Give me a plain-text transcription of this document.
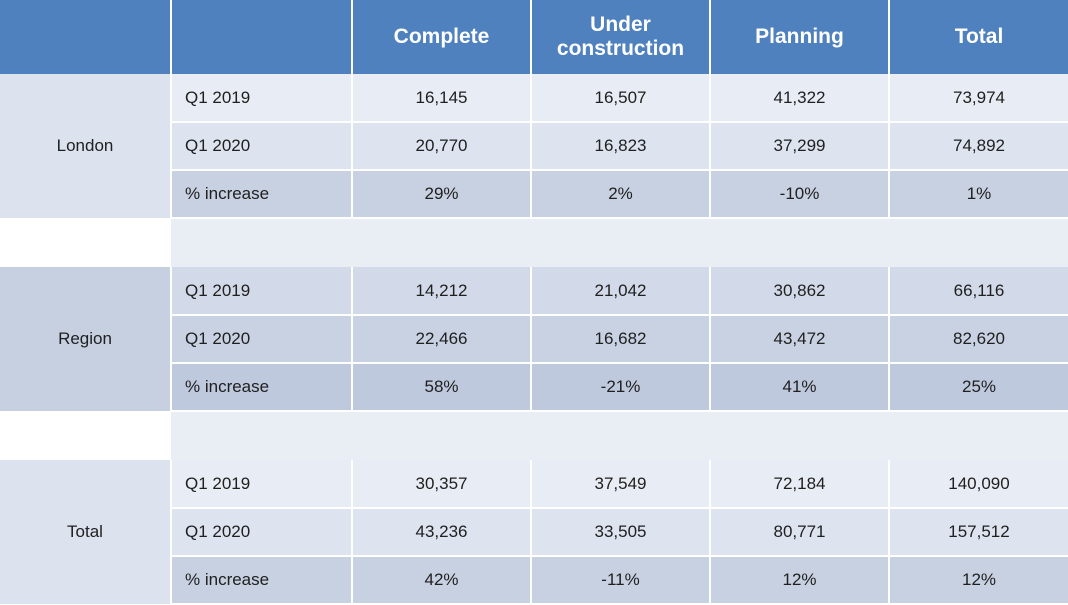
		Complete	Under construction	Planning	Total
London	Q1 2019	16,145	16,507	41,322	73,974
	Q1 2020	20,770	16,823	37,299	74,892
	% increase	29%	2%	-10%	1%

Region	Q1 2019	14,212	21,042	30,862	66,116
	Q1 2020	22,466	16,682	43,472	82,620
	% increase	58%	-21%	41%	25%

Total	Q1 2019	30,357	37,549	72,184	140,090
	Q1 2020	43,236	33,505	80,771	157,512
	% increase	42%	-11%	12%	12%
